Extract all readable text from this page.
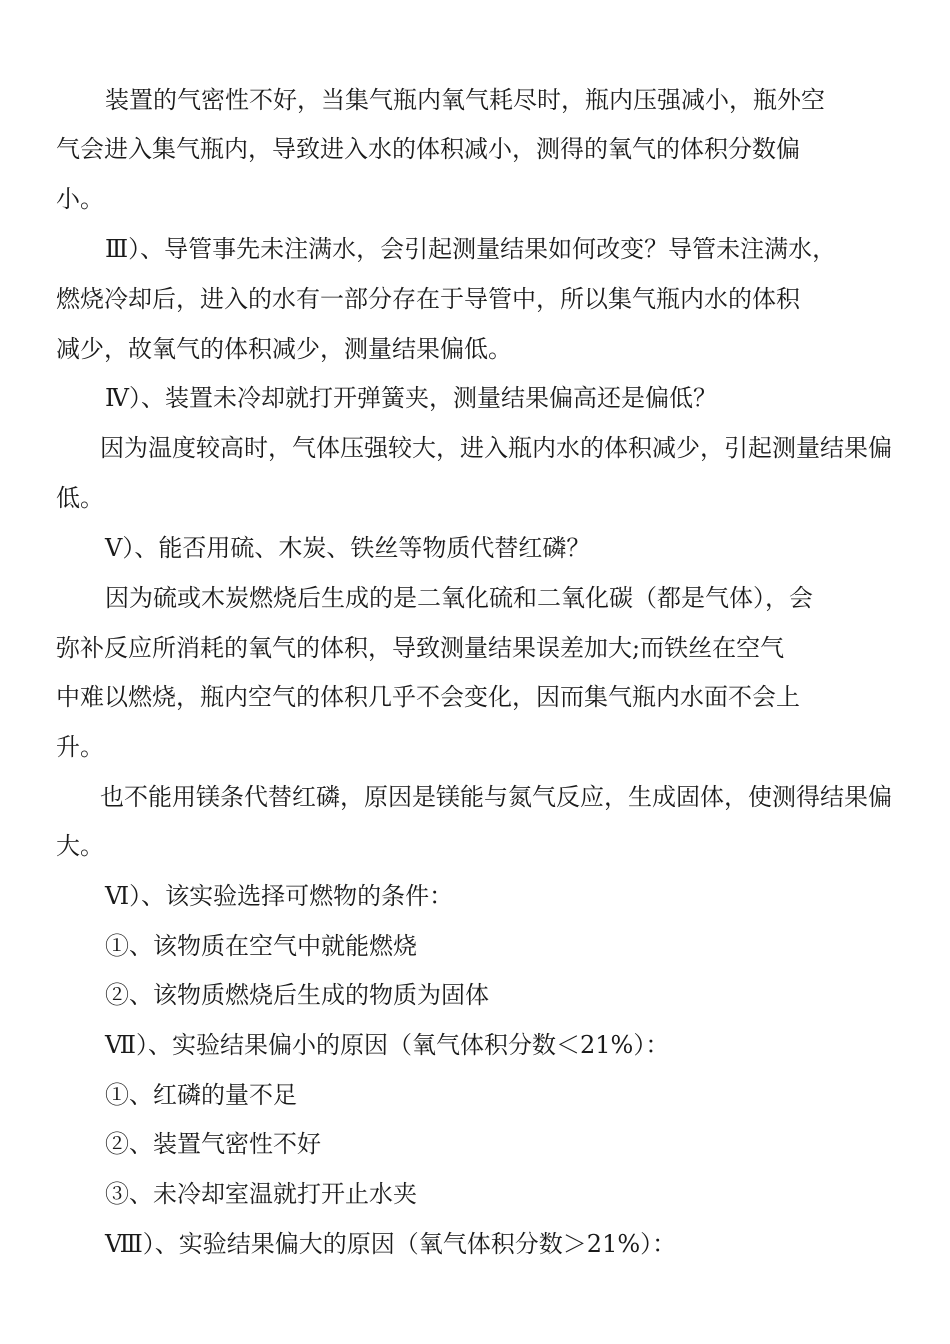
装置的气密性不好，当集气瓶内氧气耗尽时，瓶内压强减小，瓶外空

气会进入集气瓶内，导致进入水的体积减小，测得的氧气的体积分数偏

小。

Ⅲ）、导管事先未注满水，会引起测量结果如何改变？导管未注满水，

燃烧冷却后，进入的水有一部分存在于导管中，所以集气瓶内水的体积

减少，故氧气的体积减少，测量结果偏低。

Ⅳ）、装置未冷却就打开弹簧夹，测量结果偏高还是偏低？

因为温度较高时，气体压强较大，进入瓶内水的体积减少，引起测量结果偏

低。

Ⅴ）、能否用硫、木炭、铁丝等物质代替红磷？

因为硫或木炭燃烧后生成的是二氧化硫和二氧化碳（都是气体），会

弥补反应所消耗的氧气的体积，导致测量结果误差加大;而铁丝在空气

中难以燃烧，瓶内空气的体积几乎不会变化，因而集气瓶内水面不会上

升。

也不能用镁条代替红磷，原因是镁能与氮气反应，生成固体，使测得结果偏

大。

Ⅵ）、该实验选择可燃物的条件：

①、该物质在空气中就能燃烧

②、该物质燃烧后生成的物质为固体

Ⅶ）、实验结果偏小的原因（氧气体积分数＜21%）：

①、红磷的量不足

②、装置气密性不好

③、未冷却室温就打开止水夹

Ⅷ）、实验结果偏大的原因（氧气体积分数＞21%）：
